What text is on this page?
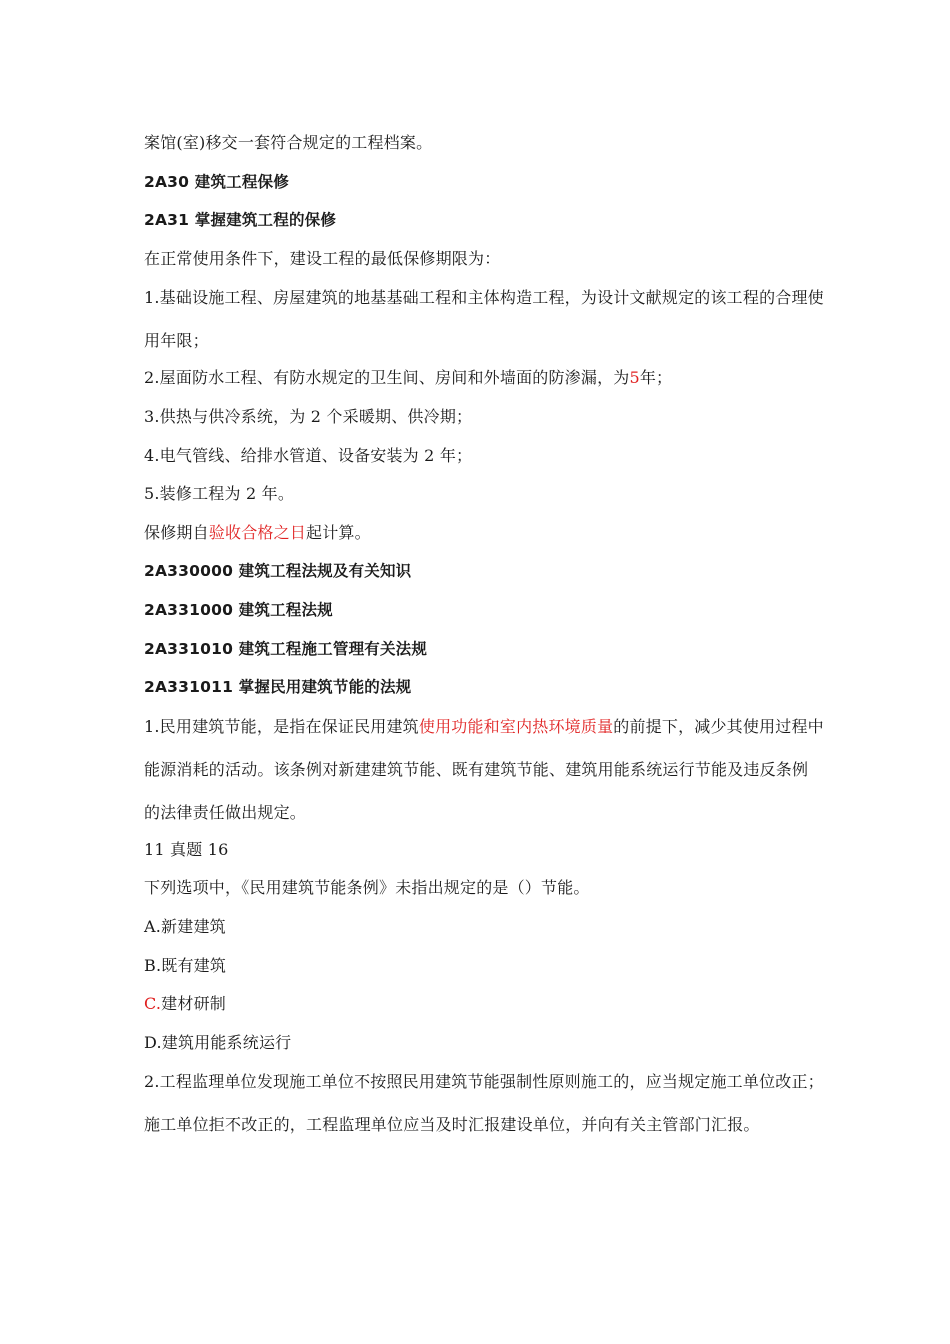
案馆(室)移交一套符合规定的工程档案。
2A30 建筑工程保修
2A31 掌握建筑工程的保修
在正常使用条件下，建设工程的最低保修期限为：
1.基础设施工程、房屋建筑的地基基础工程和主体构造工程，为设计文献规定的该工程的合理使用年限；
2.屋面防水工程、有防水规定的卫生间、房间和外墙面的防渗漏，为5年；
3.供热与供冷系统，为 2 个采暖期、供冷期；
4.电气管线、给排水管道、设备安装为 2 年；
5.装修工程为 2 年。
保修期自验收合格之日起计算。
2A330000 建筑工程法规及有关知识
2A331000 建筑工程法规
2A331010 建筑工程施工管理有关法规
2A331011 掌握民用建筑节能的法规
1.民用建筑节能，是指在保证民用建筑使用功能和室内热环境质量的前提下，减少其使用过程中能源消耗的活动。该条例对新建建筑节能、既有建筑节能、建筑用能系统运行节能及违反条例的法律责任做出规定。
11 真题 16
下列选项中，《民用建筑节能条例》未指出规定的是（）节能。
A.新建建筑
B.既有建筑
C.建材研制
D.建筑用能系统运行
2.工程监理单位发现施工单位不按照民用建筑节能强制性原则施工的，应当规定施工单位改正；施工单位拒不改正的，工程监理单位应当及时汇报建设单位，并向有关主管部门汇报。
